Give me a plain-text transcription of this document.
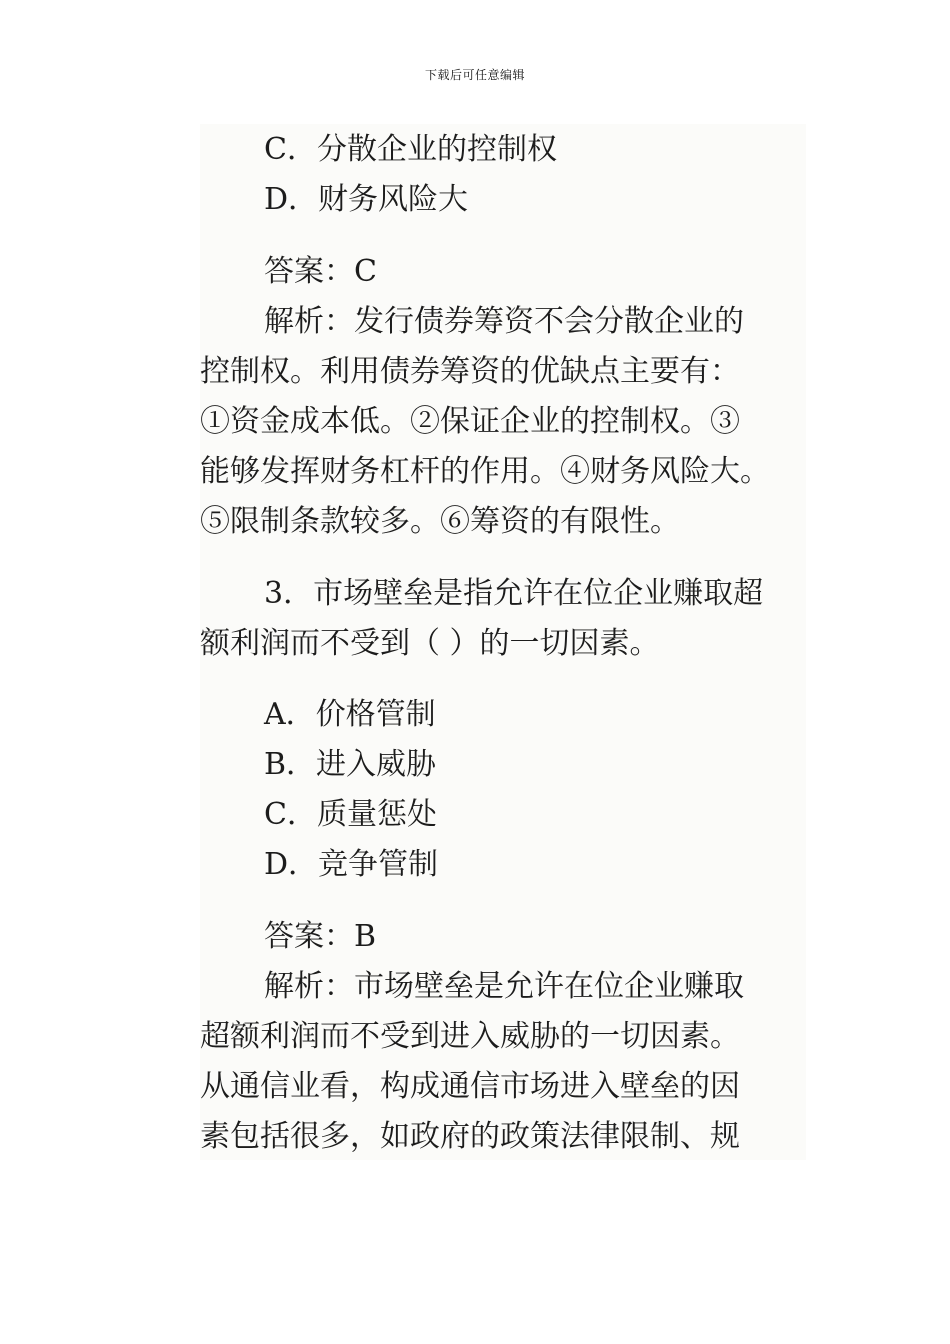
下载后可任意编辑
C．分散企业的控制权
D．财务风险大
答案：C
解析：发行债券筹资不会分散企业的
控制权。利用债券筹资的优缺点主要有：
①资金成本低。②保证企业的控制权。③
能够发挥财务杠杆的作用。④财务风险大。
⑤限制条款较多。⑥筹资的有限性。
3．市场壁垒是指允许在位企业赚取超
额利润而不受到（ ）的一切因素。
A．价格管制
B．进入威胁
C．质量惩处
D．竞争管制
答案：B
解析：市场壁垒是允许在位企业赚取
超额利润而不受到进入威胁的一切因素。
从通信业看，构成通信市场进入壁垒的因
素包括很多，如政府的政策法律限制、规
